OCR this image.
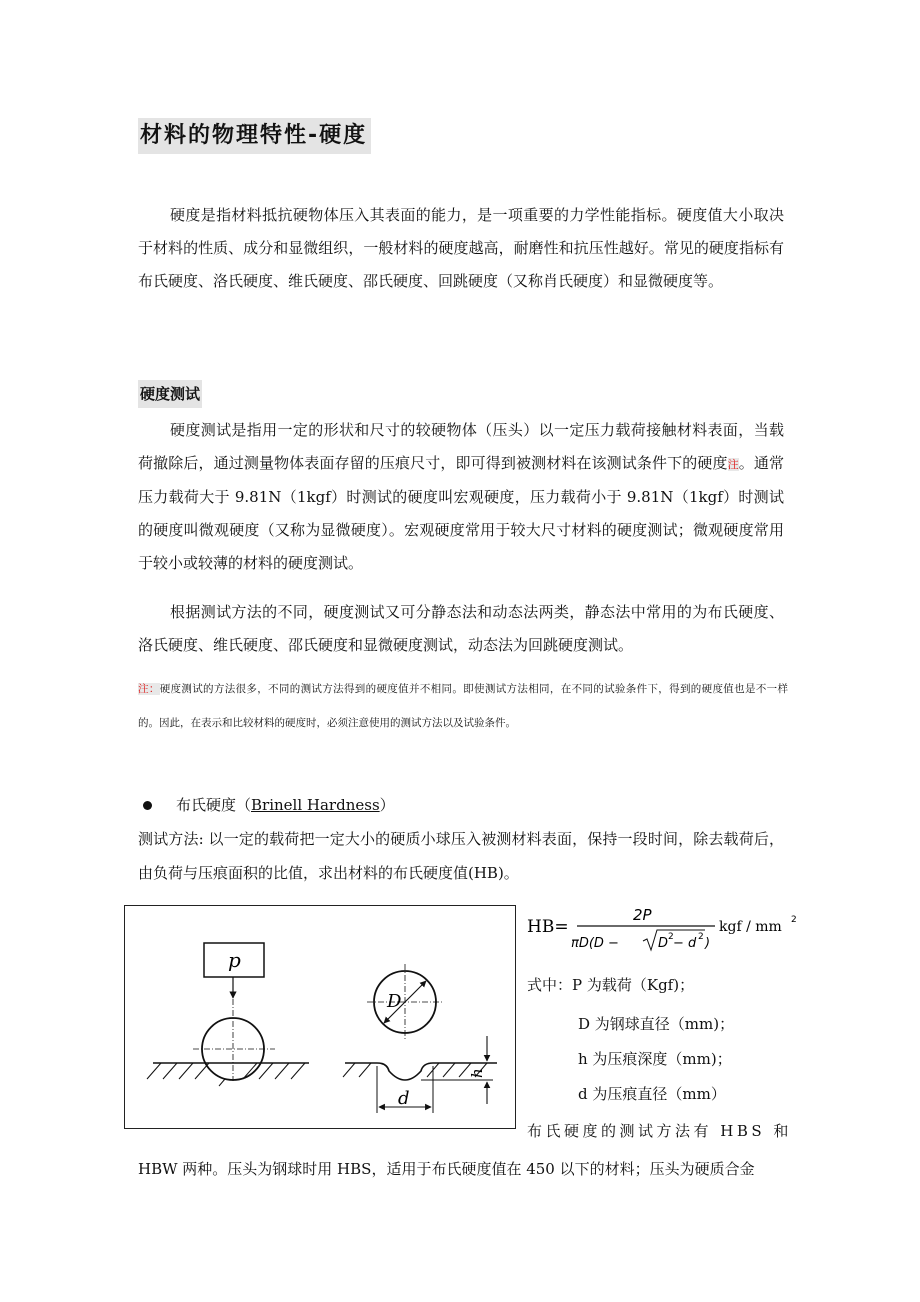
材料的物理特性-硬度

硬度是指材料抵抗硬物体压入其表面的能力，是一项重要的力学性能指标。硬度值大小取决于材料的性质、成分和显微组织，一般材料的硬度越高，耐磨性和抗压性越好。常见的硬度指标有布氏硬度、洛氏硬度、维氏硬度、邵氏硬度、回跳硬度（又称肖氏硬度）和显微硬度等。

硬度测试

硬度测试是指用一定的形状和尺寸的较硬物体（压头）以一定压力载荷接触材料表面，当载荷撤除后，通过测量物体表面存留的压痕尺寸，即可得到被测材料在该测试条件下的硬度注。通常压力载荷大于 9.81N（1kgf）时测试的硬度叫宏观硬度，压力载荷小于 9.81N（1kgf）时测试的硬度叫微观硬度（又称为显微硬度）。宏观硬度常用于较大尺寸材料的硬度测试；微观硬度常用于较小或较薄的材料的硬度测试。

根据测试方法的不同，硬度测试又可分静态法和动态法两类，静态法中常用的为布氏硬度、洛氏硬度、维氏硬度、邵氏硬度和显微硬度测试，动态法为回跳硬度测试。

注：硬度测试的方法很多，不同的测试方法得到的硬度值并不相同。即使测试方法相同，在不同的试验条件下，得到的硬度值也是不一样的。因此，在表示和比较材料的硬度时，必须注意使用的测试方法以及试验条件。

布氏硬度（Brinell Hardness）

测试方法: 以一定的载荷把一定大小的硬质小球压入被测材料表面，保持一段时间，除去载荷后，由负荷与压痕面积的比值，求出材料的布氏硬度值(HB)。

p
D
d
h
HB=
2P
πD(D −	D 2 − d 2 )
kgf / mm 2

式中：P 为载荷（Kgf)；

D 为钢球直径（mm)；

h 为压痕深度（mm)；

d 为压痕直径（mm）

布氏硬度的测试方法有 HBS 和

HBW 两种。压头为钢球时用 HBS，适用于布氏硬度值在 450 以下的材料；压头为硬质合金
